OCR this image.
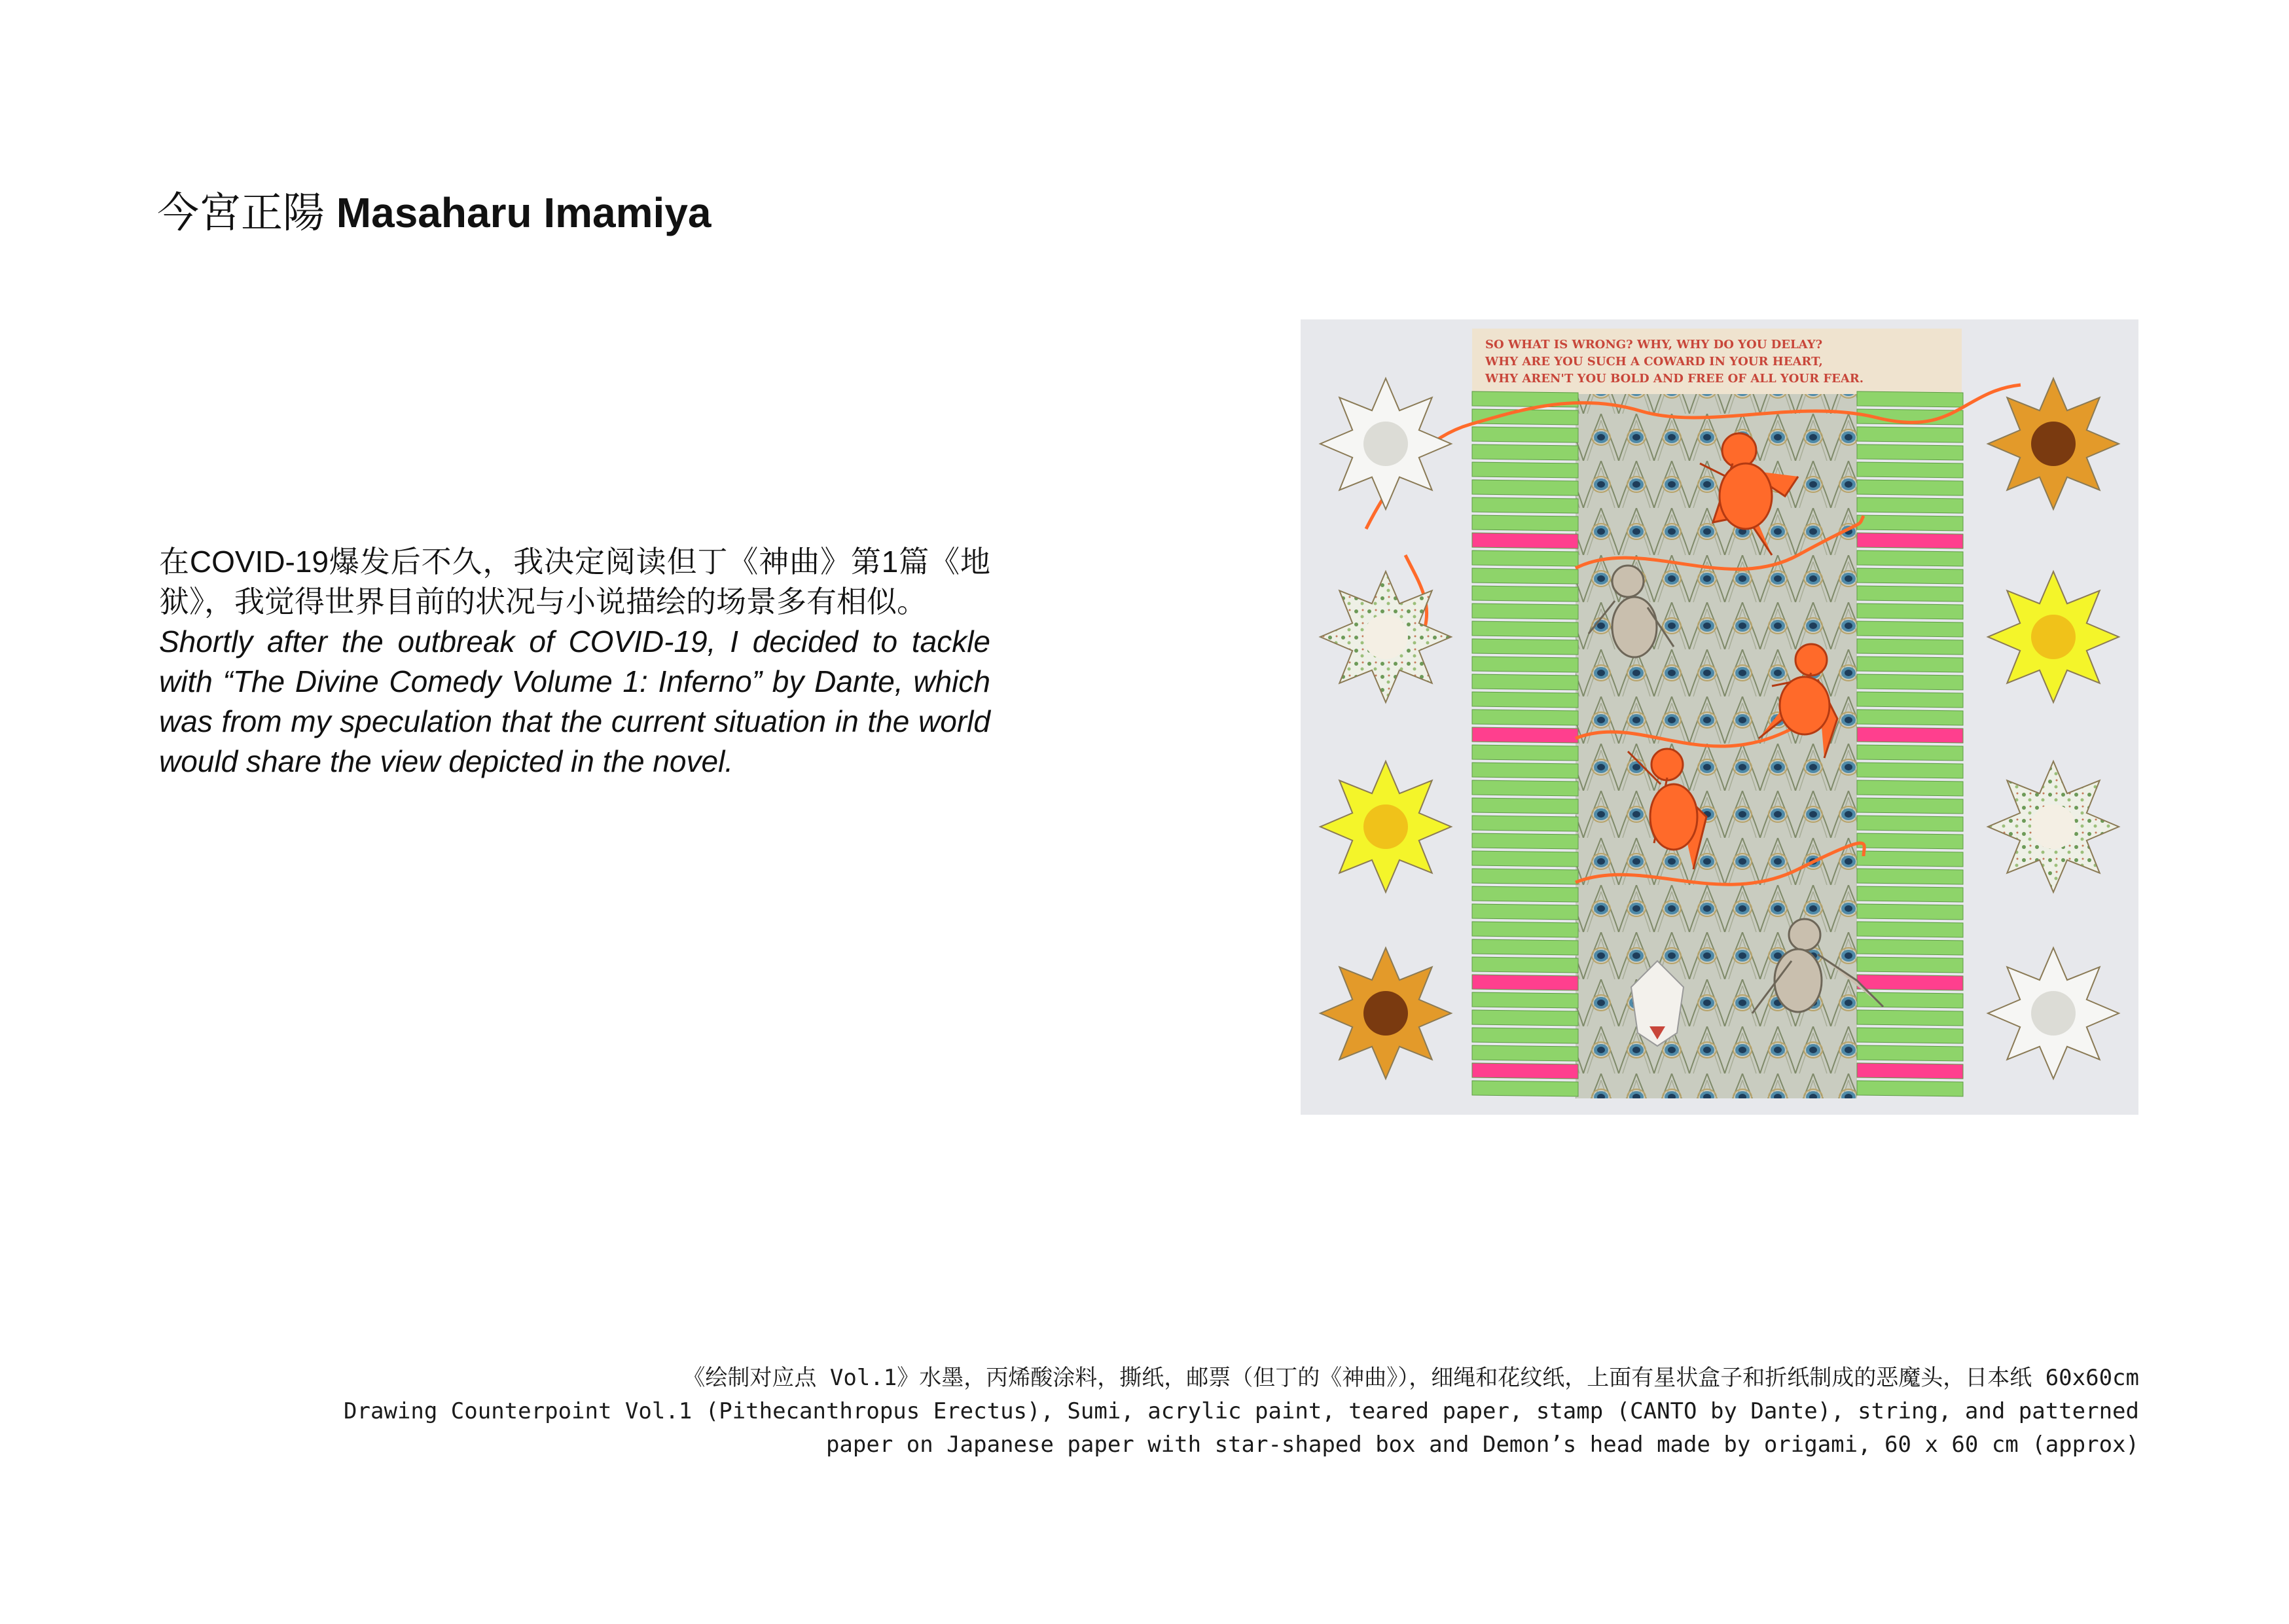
今宮正陽 Masaharu Imamiya

在COVID-19爆发后不久，我决定阅读但丁《神曲》第1篇《地狱》，我觉得世界目前的状况与小说描绘的场景多有相似。

Shortly after the outbreak of COVID-19, I decided to tackle with “The Divine Comedy Volume 1: Inferno” by Dante, which was from my speculation that the current situation in the world would share the view depicted in the novel.

SO WHAT IS WRONG? WHY, WHY DO YOU DELAY?
WHY ARE YOU SUCH A COWARD IN YOUR HEART,
WHY AREN'T YOU BOLD AND FREE OF ALL YOUR FEAR.

《绘制对应点 Vol.1》水墨，丙烯酸涂料，撕纸，邮票（但丁的《神曲》），细绳和花纹纸，上面有星状盒子和折纸制成的恶魔头，日本纸 60x60cm

Drawing Counterpoint Vol.1 (Pithecanthropus Erectus), Sumi, acrylic paint, teared paper, stamp (CANTO by Dante), string, and patterned

paper on Japanese paper with star-shaped box and Demon’s head made by origami, 60 x 60 cm (approx)
